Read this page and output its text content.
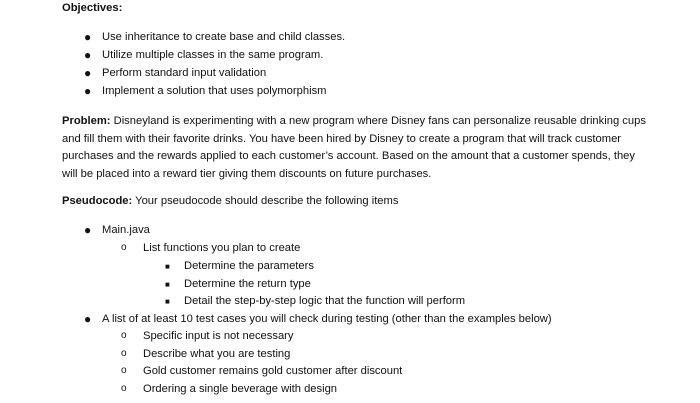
Objectives:
● Use inheritance to create base and child classes.
● Utilize multiple classes in the same program.
● Perform standard input validation
● Implement a solution that uses polymorphism
Problem: Disneyland is experimenting with a new program where Disney fans can personalize reusable drinking cups and fill them with their favorite drinks. You have been hired by Disney to create a program that will track customer purchases and the rewards applied to each customer’s account. Based on the amount that a customer spends, they will be placed into a reward tier giving them discounts on future purchases.
Pseudocode: Your pseudocode should describe the following items
● Main.java
o List functions you plan to create
■ Determine the parameters
■ Determine the return type
■ Detail the step-by-step logic that the function will perform
● A list of at least 10 test cases you will check during testing (other than the examples below)
o Specific input is not necessary
o Describe what you are testing
o Gold customer remains gold customer after discount
o Ordering a single beverage with design
